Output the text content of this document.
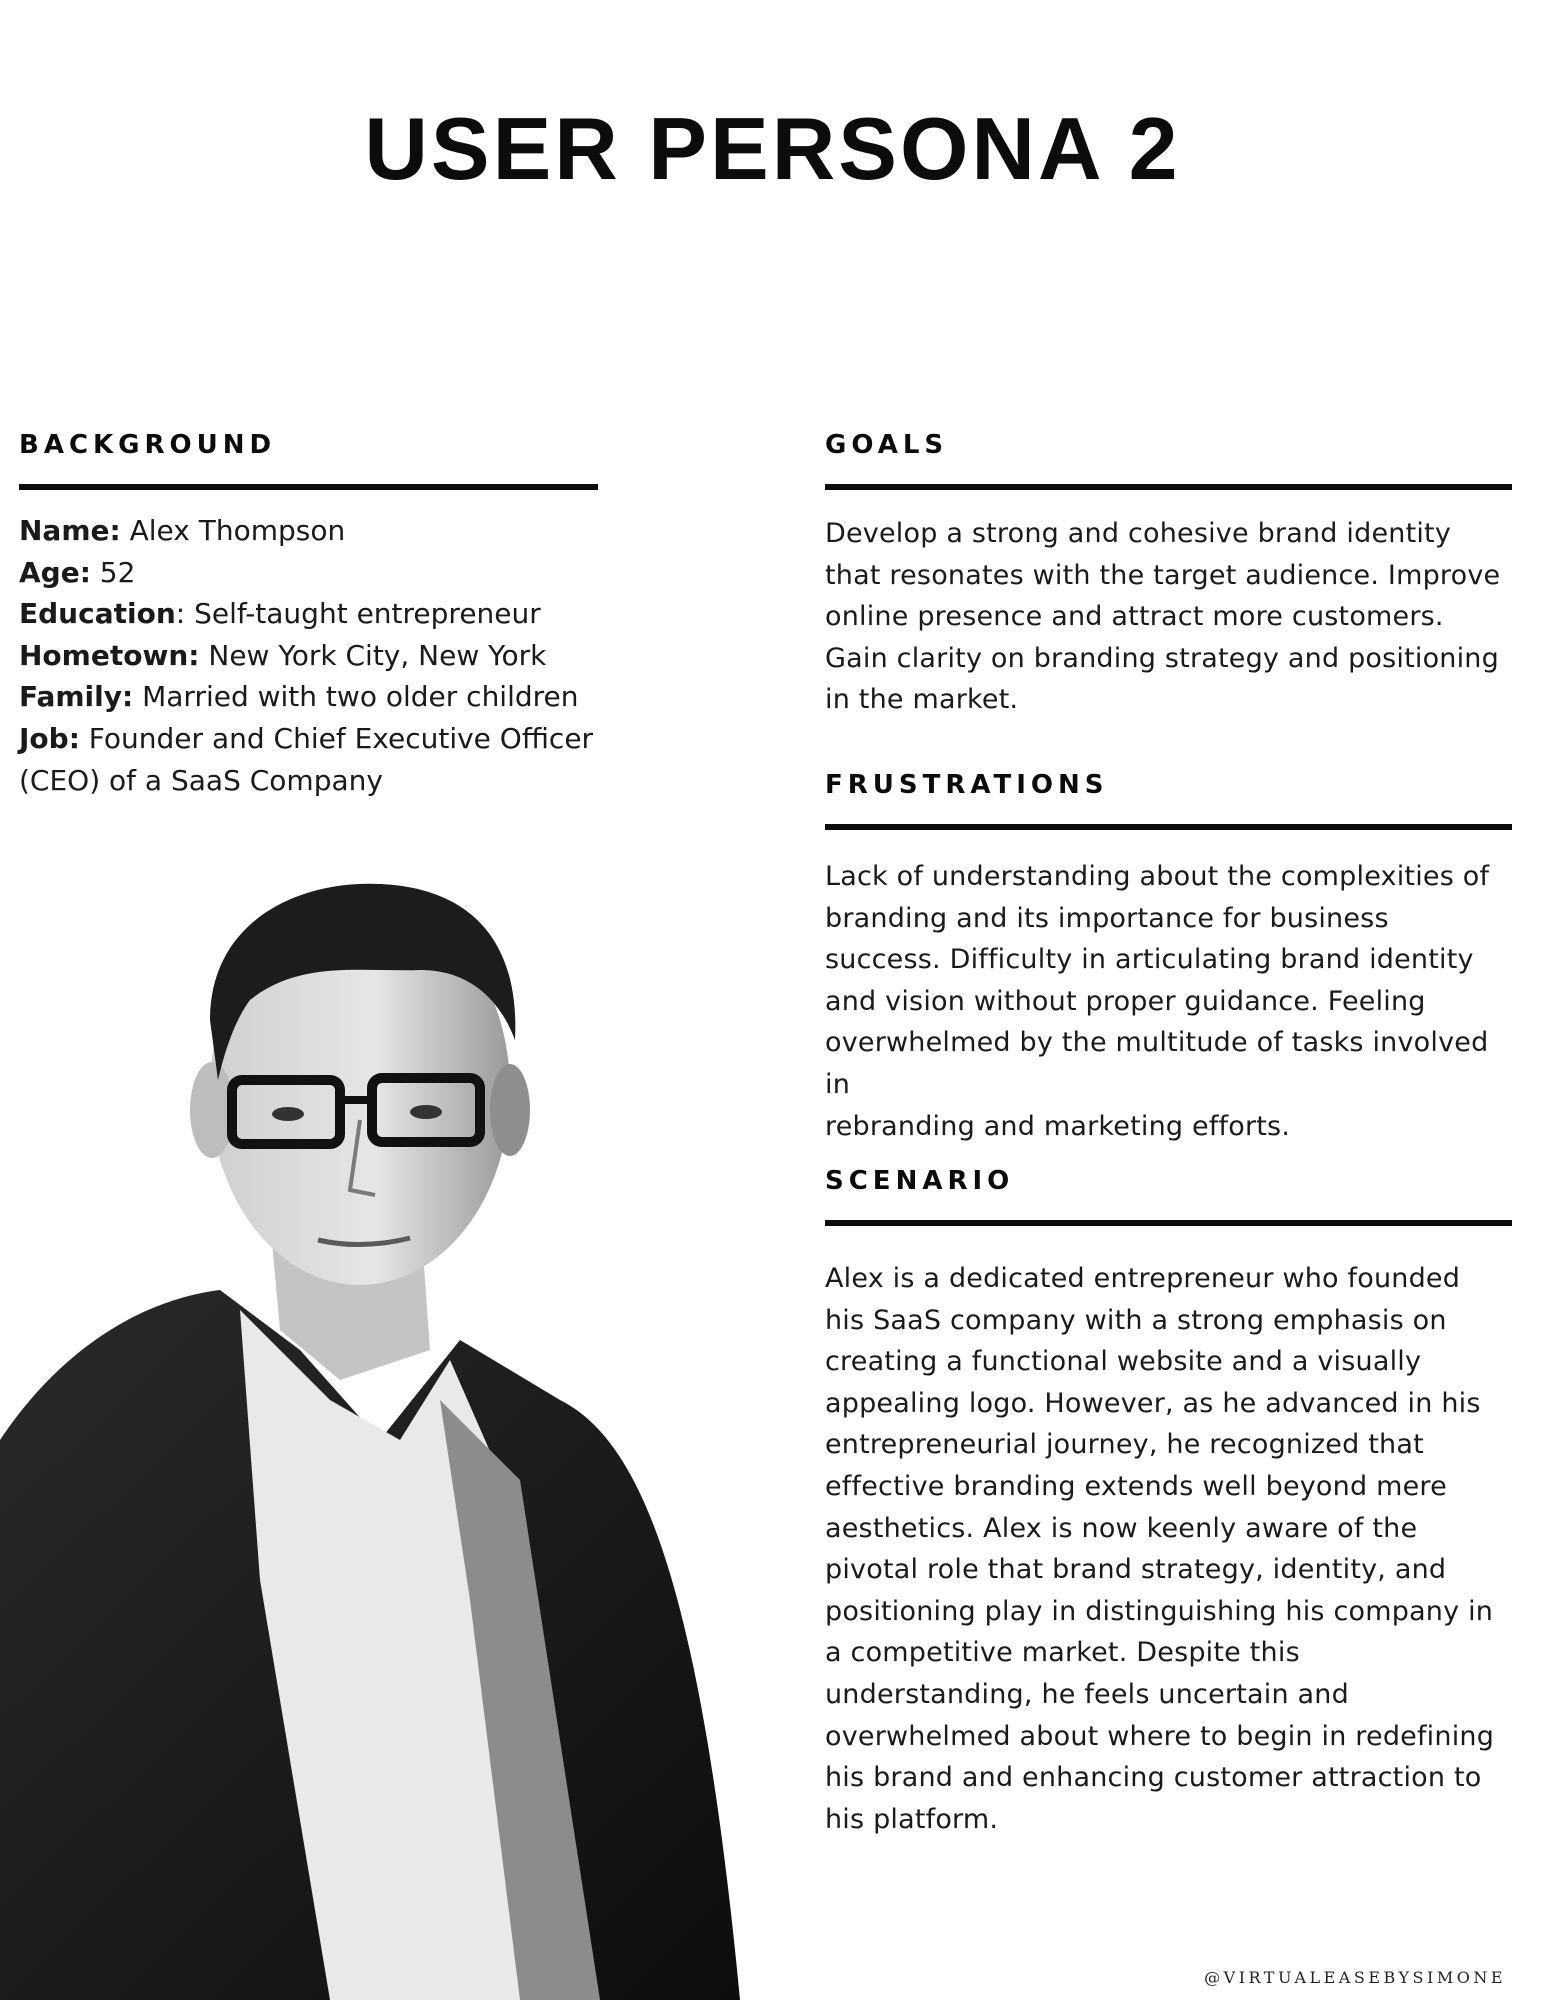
USER PERSONA 2
BACKGROUND
Name: Alex Thompson
Age: 52
Education: Self-taught entrepreneur
Hometown: New York City, New York
Family: Married with two older children
Job: Founder and Chief Executive Officer
(CEO) of a SaaS Company
GOALS
Develop a strong and cohesive brand identity
that resonates with the target audience. Improve
online presence and attract more customers.
Gain clarity on branding strategy and positioning
in the market.
FRUSTRATIONS
Lack of understanding about the complexities of
branding and its importance for business
success. Difficulty in articulating brand identity
and vision without proper guidance. Feeling
overwhelmed by the multitude of tasks involved in
rebranding and marketing efforts.
SCENARIO
Alex is a dedicated entrepreneur who founded
his SaaS company with a strong emphasis on
creating a functional website and a visually
appealing logo. However, as he advanced in his
entrepreneurial journey, he recognized that
effective branding extends well beyond mere
aesthetics. Alex is now keenly aware of the
pivotal role that brand strategy, identity, and
positioning play in distinguishing his company in
a competitive market. Despite this
understanding, he feels uncertain and
overwhelmed about where to begin in redefining
his brand and enhancing customer attraction to
his platform.

@VIRTUALEASEBYSIMONE
